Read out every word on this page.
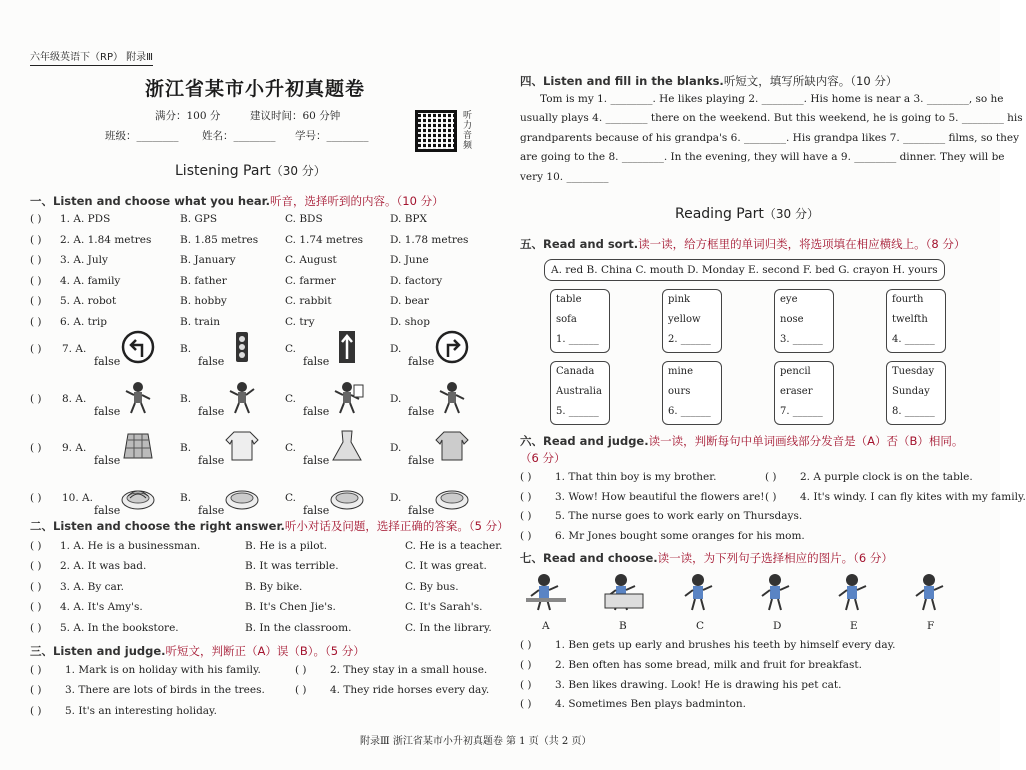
六年级英语下（RP） 附录Ⅲ
浙江省某市小升初真题卷
满分：100 分	建议时间：60 分钟
班级：________ 姓名：________ 学号：________	听力音频
Listening Part（30 分）
一、Listen and choose what you hear.听音，选择听到的内容。（10 分）
( ) 1. A. PDS	B. GPS	C. BDS	D. BPX
( ) 2. A. 1.84 metres	B. 1.85 metres	C. 1.74 metres	D. 1.78 metres
( ) 3. A. July	B. January	C. August	D. June
( ) 4. A. family	B. father	C. farmer	D. factory
( ) 5. A. robot	B. hobby	C. rabbit	D. bear
( ) 6. A. trip	B. train	C. try	D. shop
( ) 7. A.
false
B.
false
C.
false
D.
false
( ) 8. A.
false
B.
false
C.
false
D.
false
( ) 9. A.
false
B.
false
C.
false
D.
false
( ) 10. A.
false
B.
false
C.
false
D.
false
二、Listen and choose the right answer.听小对话及问题，选择正确的答案。（5 分）
( ) 1. A. He is a businessman.	B. He is a pilot.	C. He is a teacher.
( ) 2. A. It was bad.	B. It was terrible.	C. It was great.
( ) 3. A. By car.	B. By bike.	C. By bus.
( ) 4. A. It's Amy's.	B. It's Chen Jie's.	C. It's Sarah's.
( ) 5. A. In the bookstore.	B. In the classroom.	C. In the library.
三、Listen and judge.听短文，判断正（A）误（B）。（5 分）
( ) 1. Mark is on holiday with his family.	( ) 2. They stay in a small house.
( ) 3. There are lots of birds in the trees.	( ) 4. They ride horses every day.
( ) 5. It's an interesting holiday.
四、Listen and fill in the blanks.听短文，填写所缺内容。（10 分）
Tom is my 1. ________. He likes playing 2. ________. His home is near a 3. ________, so he
usually plays 4. ________ there on the weekend. But this weekend, he is going to 5. ________ his
grandparents because of his grandpa's 6. ________. His grandpa likes 7. ________ films, so they
are going to the 8. ________. In the evening, they will have a 9. ________ dinner. They will be
very 10. ________
Reading Part（30 分）
五、Read and sort.读一读，给方框里的单词归类，将选项填在相应横线上。（8 分）
A. red B. China C. mouth D. Monday E. second F. bed G. crayon H. yours
table
sofa
1. ______
pink
yellow
2. ______
eye
nose
3. ______
fourth
twelfth
4. ______
Canada
Australia
5. ______
mine
ours
6. ______
pencil
eraser
7. ______
Tuesday
Sunday
8. ______
六、Read and judge.读一读，判断每句中单词画线部分发音是（A）否（B）相同。（6 分）
( ) 1. That thin boy is my brother.	( ) 2. A purple clock is on the table.
( ) 3. Wow! How beautiful the flowers are! ( ) 4. It's windy. I can fly kites with my family.
( ) 5. The nurse goes to work early on Thursdays.
( ) 6. Mr Jones bought some oranges for his mom.
七、Read and choose.读一读，为下列句子选择相应的图片。（6 分）
A	B	C	D	E	F
( ) 1. Ben gets up early and brushes his teeth by himself every day.
( ) 2. Ben often has some bread, milk and fruit for breakfast.
( ) 3. Ben likes drawing. Look! He is drawing his pet cat.
( ) 4. Sometimes Ben plays badminton.
附录Ⅲ 浙江省某市小升初真题卷 第 1 页（共 2 页）
